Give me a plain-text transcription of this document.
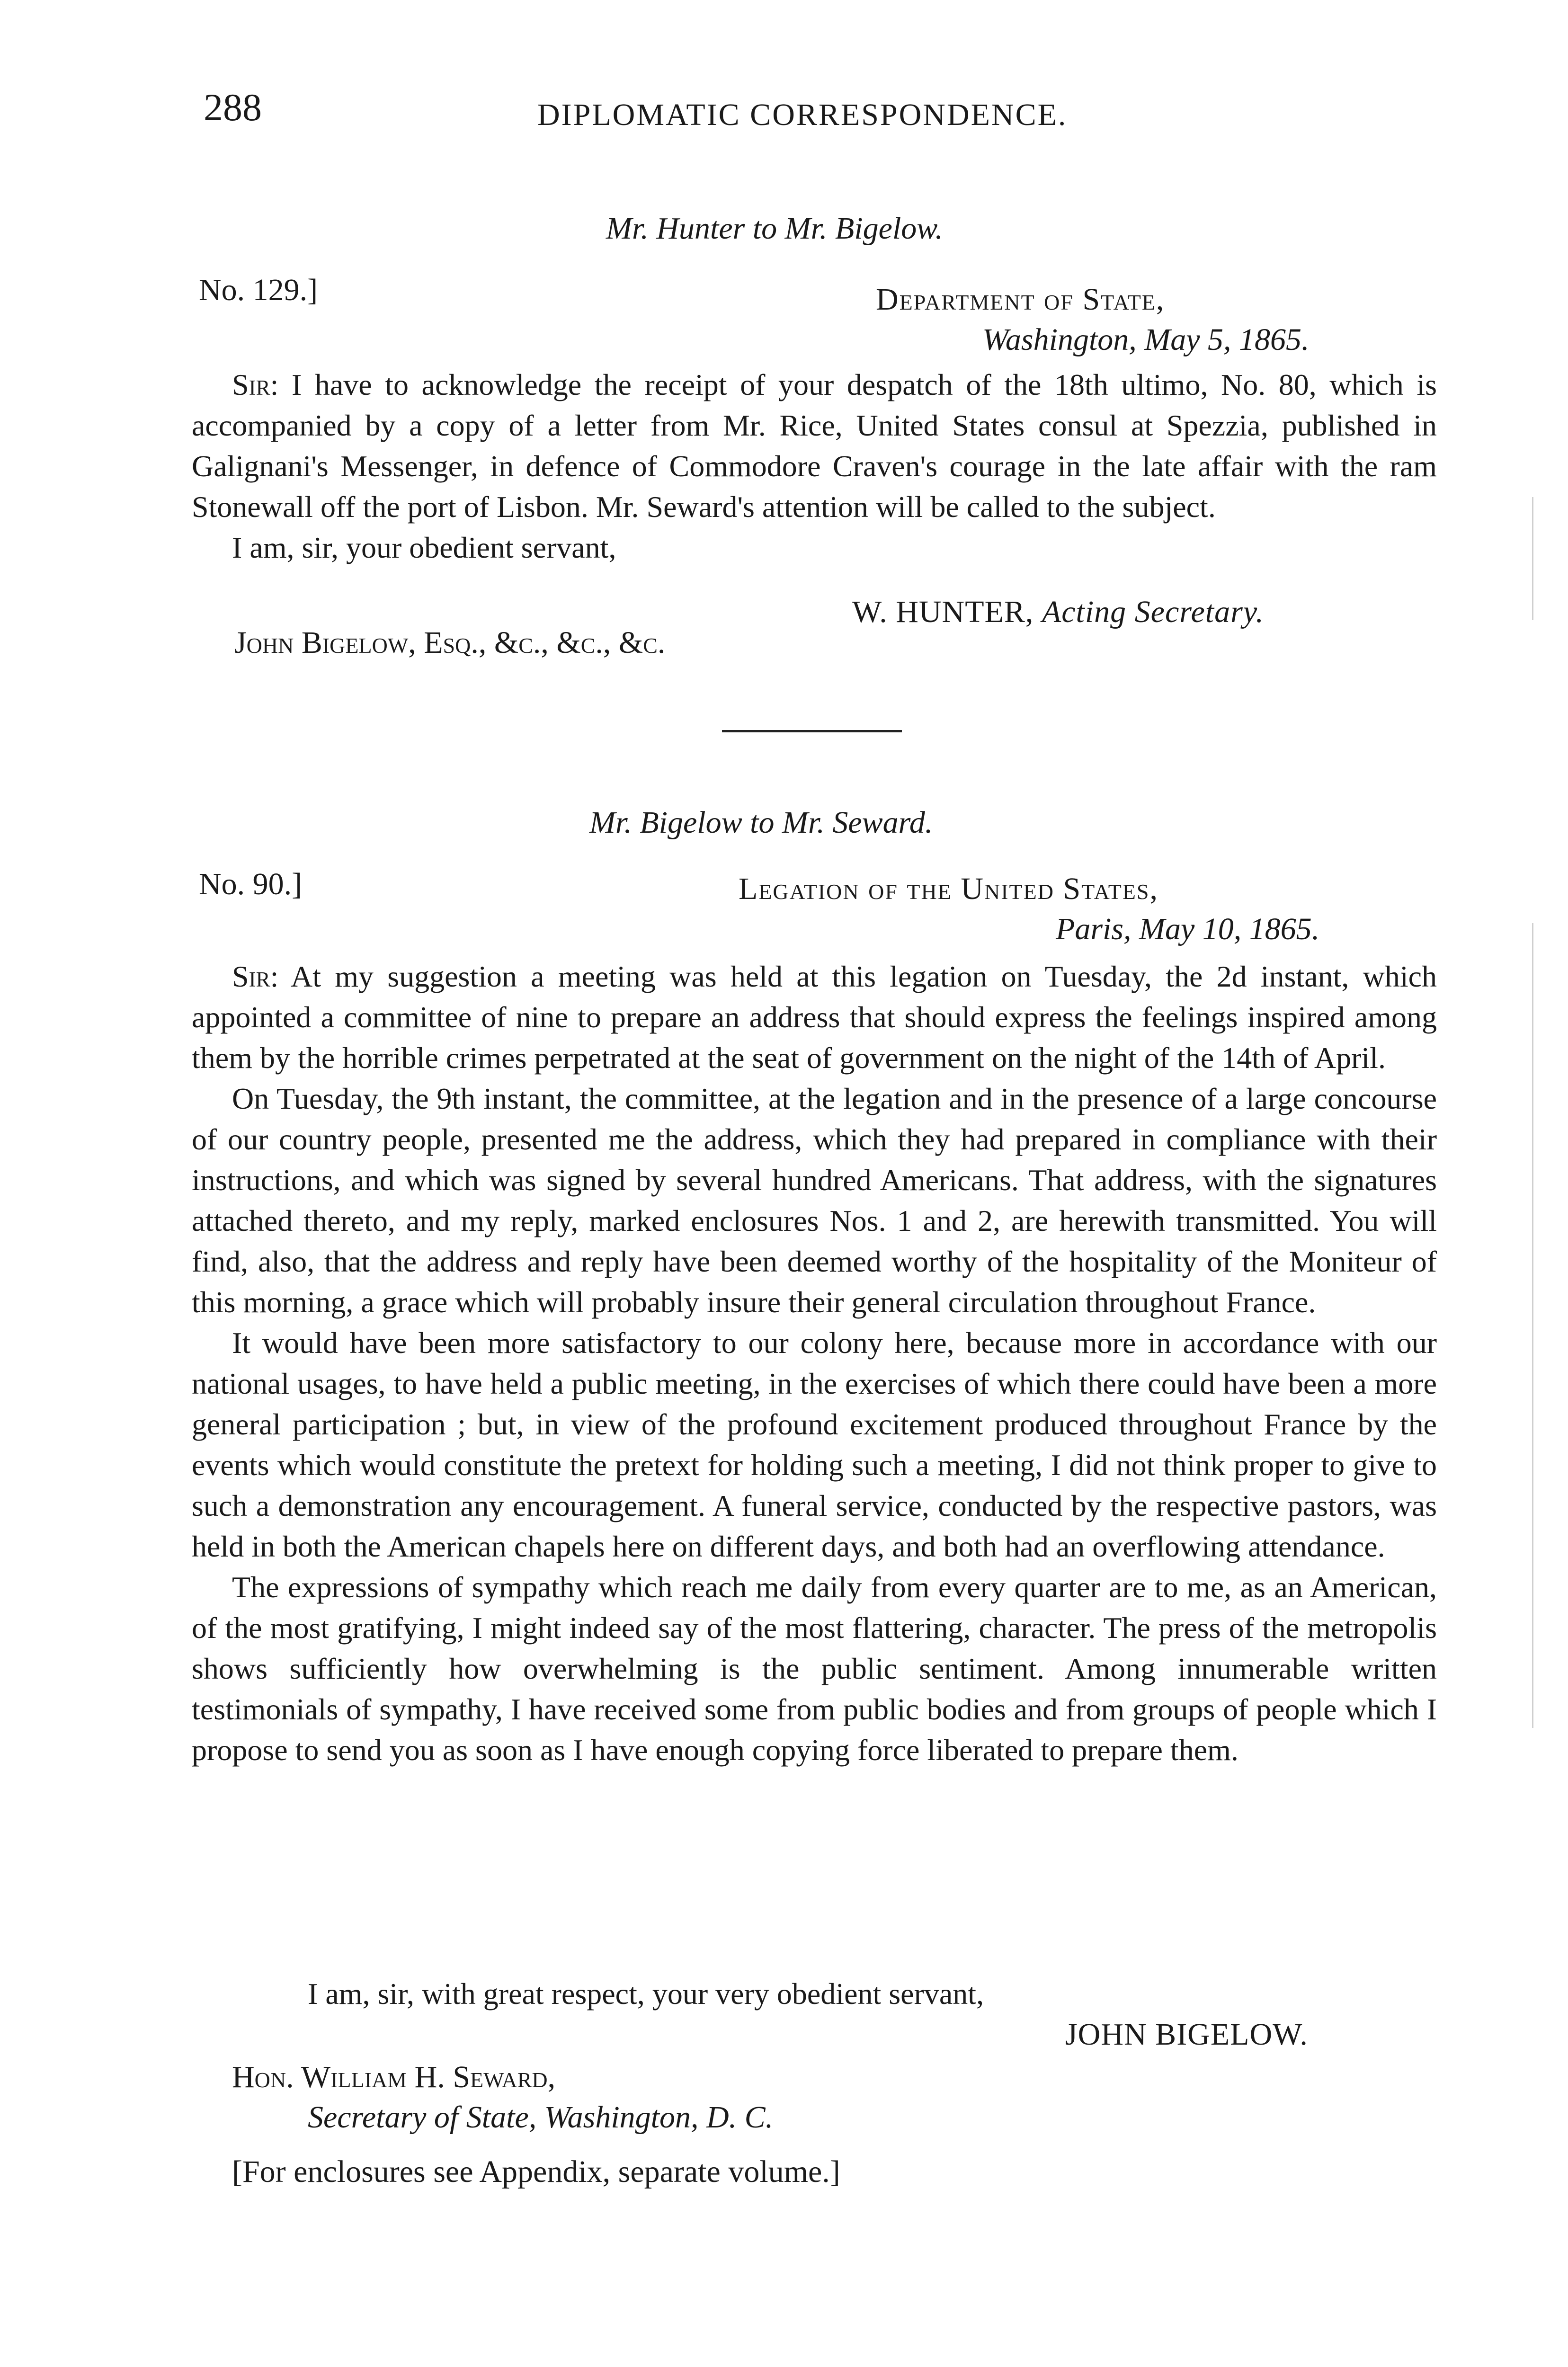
288	DIPLOMATIC CORRESPONDENCE.
Mr. Hunter to Mr. Bigelow.
No. 129.]	Department of State,
Washington, May 5, 1865.

Sir: I have to acknowledge the receipt of your despatch of the 18th ultimo, No. 80, which is accompanied by a copy of a letter from Mr. Rice, United States consul at Spezzia, published in Galignani's Messenger, in defence of Commodore Craven's courage in the late affair with the ram Stonewall off the port of Lisbon. Mr. Seward's attention will be called to the subject.

I am, sir, your obedient servant,

W. HUNTER, Acting Secretary.
John Bigelow, Esq., &c., &c., &c.
Mr. Bigelow to Mr. Seward.
No. 90.]	Legation of the United States,
Paris, May 10, 1865.

Sir: At my suggestion a meeting was held at this legation on Tuesday, the 2d instant, which appointed a committee of nine to prepare an address that should express the feelings inspired among them by the horrible crimes perpetrated at the seat of government on the night of the 14th of April.

On Tuesday, the 9th instant, the committee, at the legation and in the presence of a large concourse of our country people, presented me the address, which they had prepared in compliance with their instructions, and which was signed by several hundred Americans. That address, with the signatures attached thereto, and my reply, marked enclosures Nos. 1 and 2, are herewith transmitted. You will find, also, that the address and reply have been deemed worthy of the hospitality of the Moniteur of this morning, a grace which will probably insure their general circulation throughout France.

It would have been more satisfactory to our colony here, because more in accordance with our national usages, to have held a public meeting, in the exercises of which there could have been a more general participation ; but, in view of the profound excitement produced throughout France by the events which would constitute the pretext for holding such a meeting, I did not think proper to give to such a demonstration any encouragement. A funeral service, conducted by the respective pastors, was held in both the American chapels here on different days, and both had an overflowing attendance.

The expressions of sympathy which reach me daily from every quarter are to me, as an American, of the most gratifying, I might indeed say of the most flattering, character. The press of the metropolis shows sufficiently how overwhelming is the public sentiment. Among innumerable written testimonials of sympathy, I have received some from public bodies and from groups of people which I propose to send you as soon as I have enough copying force liberated to prepare them.

I am, sir, with great respect, your very obedient servant,
JOHN BIGELOW.
Hon. William H. Seward,
Secretary of State, Washington, D. C.
[For enclosures see Appendix, separate volume.]
